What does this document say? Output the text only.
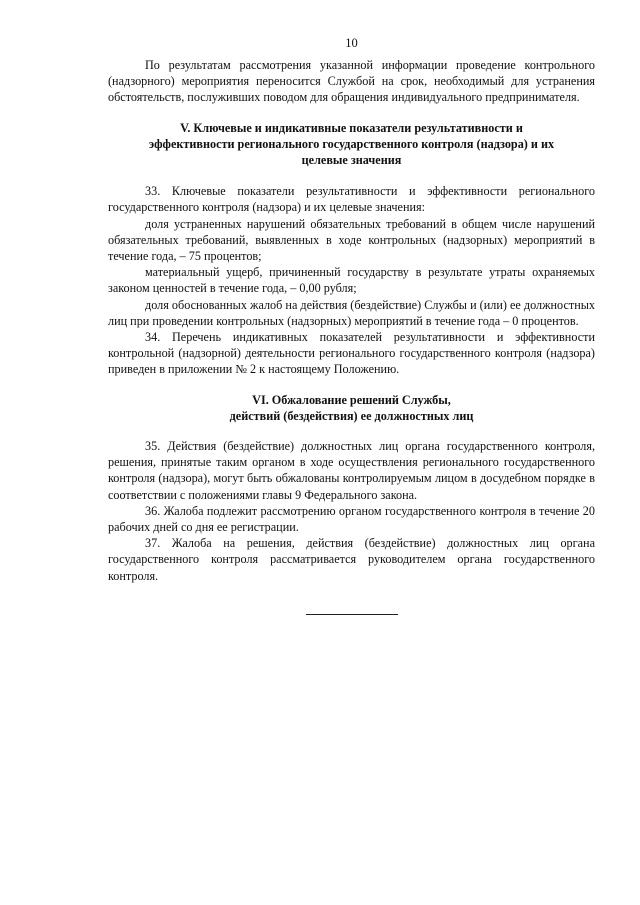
10

По результатам рассмотрения указанной информации проведение контрольного (надзорного) мероприятия переносится Службой на срок, необходимый для устранения обстоятельств, послуживших поводом для обращения индивидуального предпринимателя.

V. Ключевые и индикативные показатели результативности и
эффективности регионального государственного контроля (надзора) и их
целевые значения

33. Ключевые показатели результативности и эффективности регионального государственного контроля (надзора) и их целевые значения:

доля устраненных нарушений обязательных требований в общем числе нарушений обязательных требований, выявленных в ходе контрольных (надзорных) мероприятий в течение года, – 75 процентов;

материальный ущерб, причиненный государству в результате утраты охраняемых законом ценностей в течение года, – 0,00 рубля;

доля обоснованных жалоб на действия (бездействие) Службы и (или) ее должностных лиц при проведении контрольных (надзорных) мероприятий в течение года – 0 процентов.

34. Перечень индикативных показателей результативности и эффективности контрольной (надзорной) деятельности регионального государственного контроля (надзора) приведен в приложении № 2 к настоящему Положению.

VI. Обжалование решений Службы,
действий (бездействия) ее должностных лиц

35. Действия (бездействие) должностных лиц органа государственного контроля, решения, принятые таким органом в ходе осуществления регионального государственного контроля (надзора), могут быть обжалованы контролируемым лицом в досудебном порядке в соответствии с положениями главы 9 Федерального закона.

36. Жалоба подлежит рассмотрению органом государственного контроля в течение 20 рабочих дней со дня ее регистрации.

37. Жалоба на решения, действия (бездействие) должностных лиц органа государственного контроля рассматривается руководителем органа государственного контроля.
